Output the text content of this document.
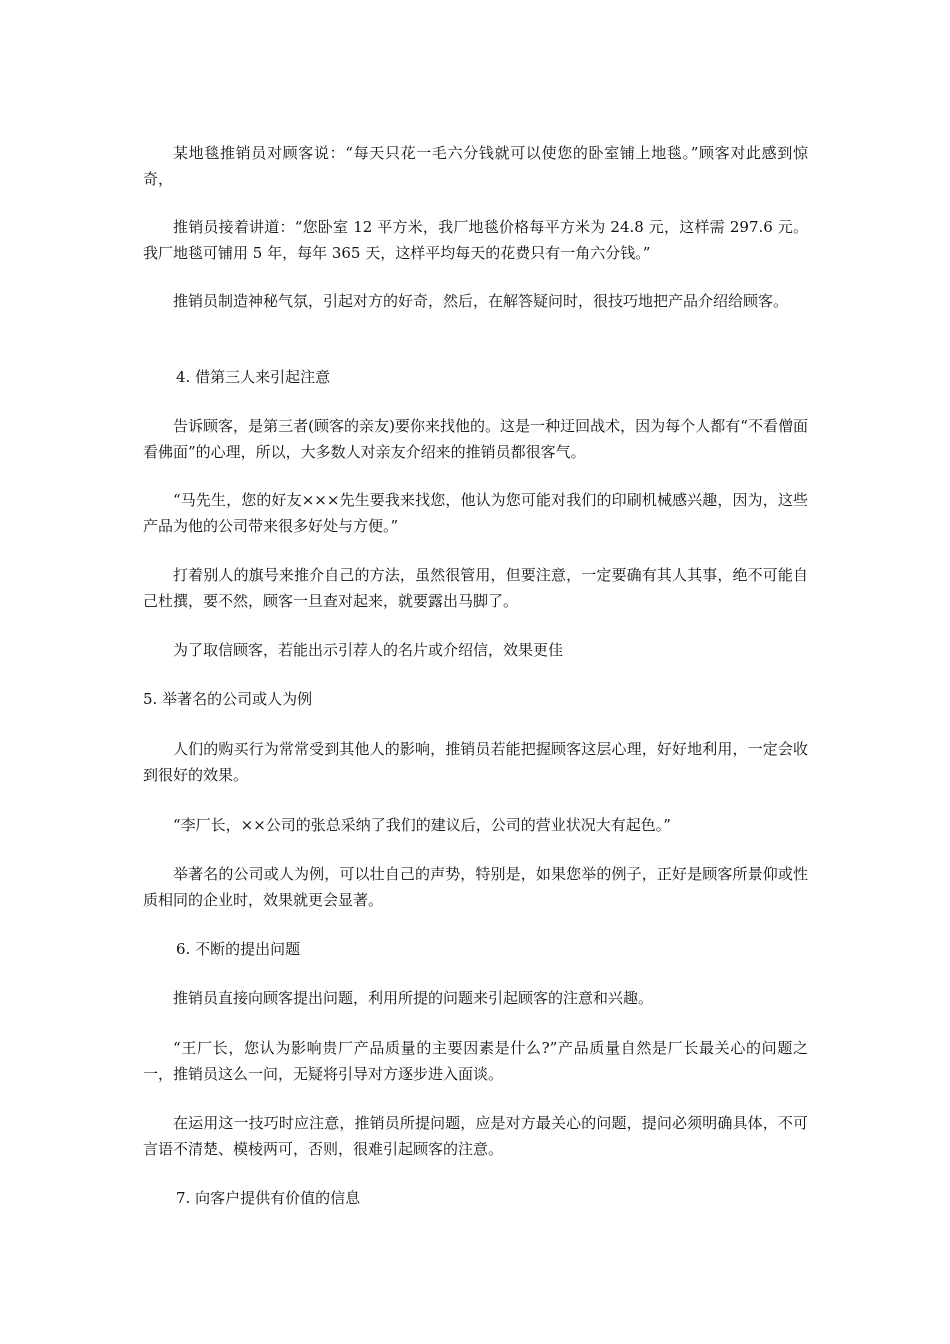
某地毯推销员对顾客说：“每天只花一毛六分钱就可以使您的卧室铺上地毯。”顾客对此感到惊奇，

推销员接着讲道：“您卧室 12 平方米，我厂地毯价格每平方米为 24.8 元，这样需 297.6 元。我厂地毯可铺用 5 年，每年 365 天，这样平均每天的花费只有一角六分钱。”

推销员制造神秘气氛，引起对方的好奇，然后，在解答疑问时，很技巧地把产品介绍给顾客。

4. 借第三人来引起注意

告诉顾客，是第三者(顾客的亲友)要你来找他的。这是一种迂回战术，因为每个人都有“不看僧面看佛面”的心理，所以，大多数人对亲友介绍来的推销员都很客气。

“马先生，您的好友×××先生要我来找您，他认为您可能对我们的印刷机械感兴趣，因为，这些产品为他的公司带来很多好处与方便。”

打着别人的旗号来推介自己的方法，虽然很管用，但要注意，一定要确有其人其事，绝不可能自己杜撰，要不然，顾客一旦查对起来，就要露出马脚了。

为了取信顾客，若能出示引荐人的名片或介绍信，效果更佳

5. 举著名的公司或人为例

人们的购买行为常常受到其他人的影响，推销员若能把握顾客这层心理，好好地利用，一定会收到很好的效果。

“李厂长，××公司的张总采纳了我们的建议后，公司的营业状况大有起色。”

举著名的公司或人为例，可以壮自己的声势，特别是，如果您举的例子，正好是顾客所景仰或性质相同的企业时，效果就更会显著。

6. 不断的提出问题

推销员直接向顾客提出问题，利用所提的问题来引起顾客的注意和兴趣。

“王厂长，您认为影响贵厂产品质量的主要因素是什么?”产品质量自然是厂长最关心的问题之一，推销员这么一问，无疑将引导对方逐步进入面谈。

在运用这一技巧时应注意，推销员所提问题，应是对方最关心的问题，提问必须明确具体，不可言语不清楚、模棱两可，否则，很难引起顾客的注意。

7. 向客户提供有价值的信息
